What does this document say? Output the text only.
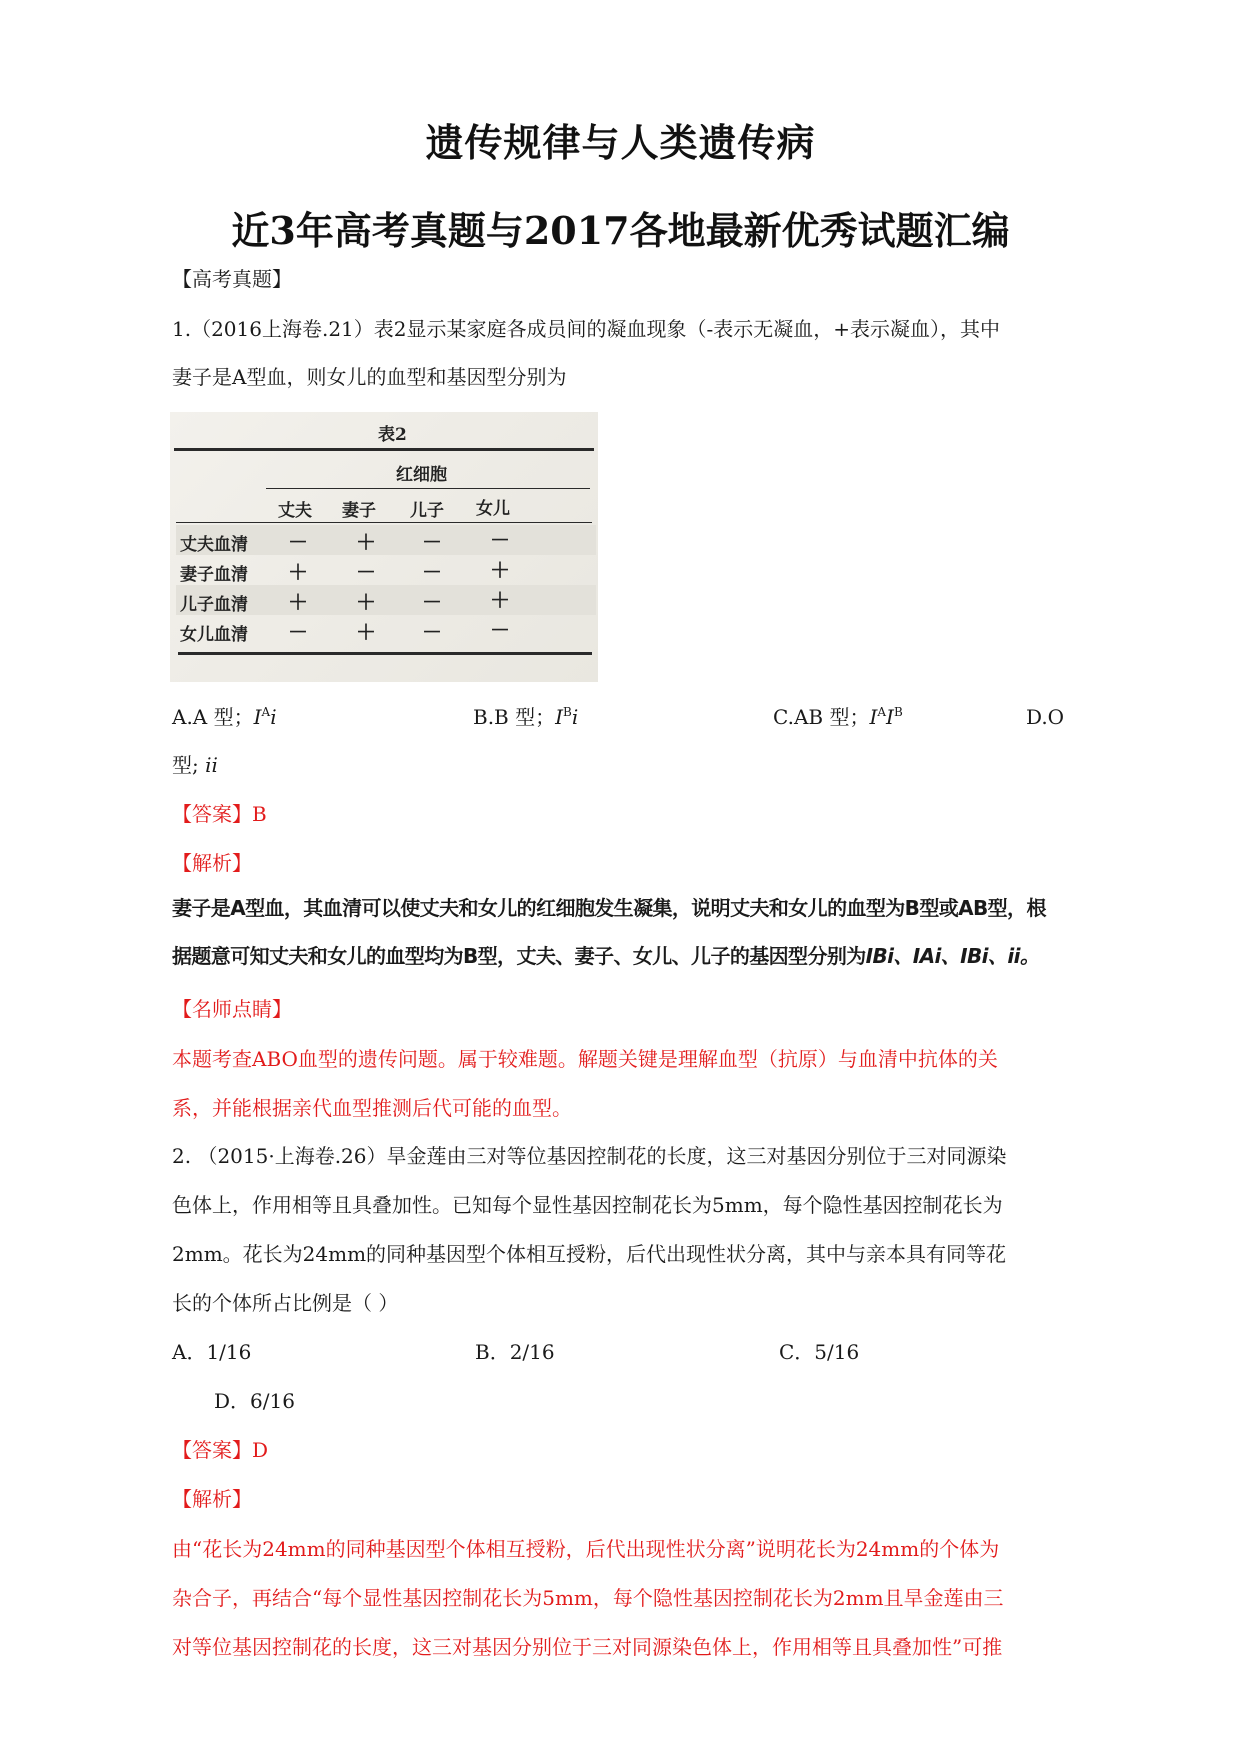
遗传规律与人类遗传病
近3年高考真题与2017各地最新优秀试题汇编
【高考真题】
1.（2016上海卷.21）表2显示某家庭各成员间的凝血现象（-表示无凝血，+表示凝血），其中
妻子是A型血，则女儿的血型和基因型分别为
表2
红细胞
丈夫 妻子 儿子 女儿
丈夫血清 － ＋ － －
妻子血清 ＋ － － ＋
儿子血清 ＋ ＋ － ＋
女儿血清 － ＋ － －
A.A 型；$I^Ai$	B.B 型；$I^Bi$	C.AB 型；$I^AI^B$	D.O
型; ii
【答案】B
【解析】
妻子是A型血，其血清可以使丈夫和女儿的红细胞发生凝集，说明丈夫和女儿的血型为B型或AB型，根
据题意可知丈夫和女儿的血型均为B型，丈夫、妻子、女儿、儿子的基因型分别为IBi、IAi、IBi、ii。
【名师点睛】
本题考查ABO血型的遗传问题。属于较难题。解题关键是理解血型（抗原）与血清中抗体的关
系，并能根据亲代血型推测后代可能的血型。
2. （2015·上海卷.26）旱金莲由三对等位基因控制花的长度，这三对基因分别位于三对同源染
色体上，作用相等且具叠加性。已知每个显性基因控制花长为5mm，每个隐性基因控制花长为
2mm。花长为24mm的同种基因型个体相互授粉，后代出现性状分离，其中与亲本具有同等花
长的个体所占比例是（ ）
A．1/16	B．2/16	C．5/16
D．6/16
【答案】D
【解析】
由“花长为24mm的同种基因型个体相互授粉，后代出现性状分离”说明花长为24mm的个体为
杂合子，再结合“每个显性基因控制花长为5mm，每个隐性基因控制花长为2mm且旱金莲由三
对等位基因控制花的长度，这三对基因分别位于三对同源染色体上，作用相等且具叠加性”可推
